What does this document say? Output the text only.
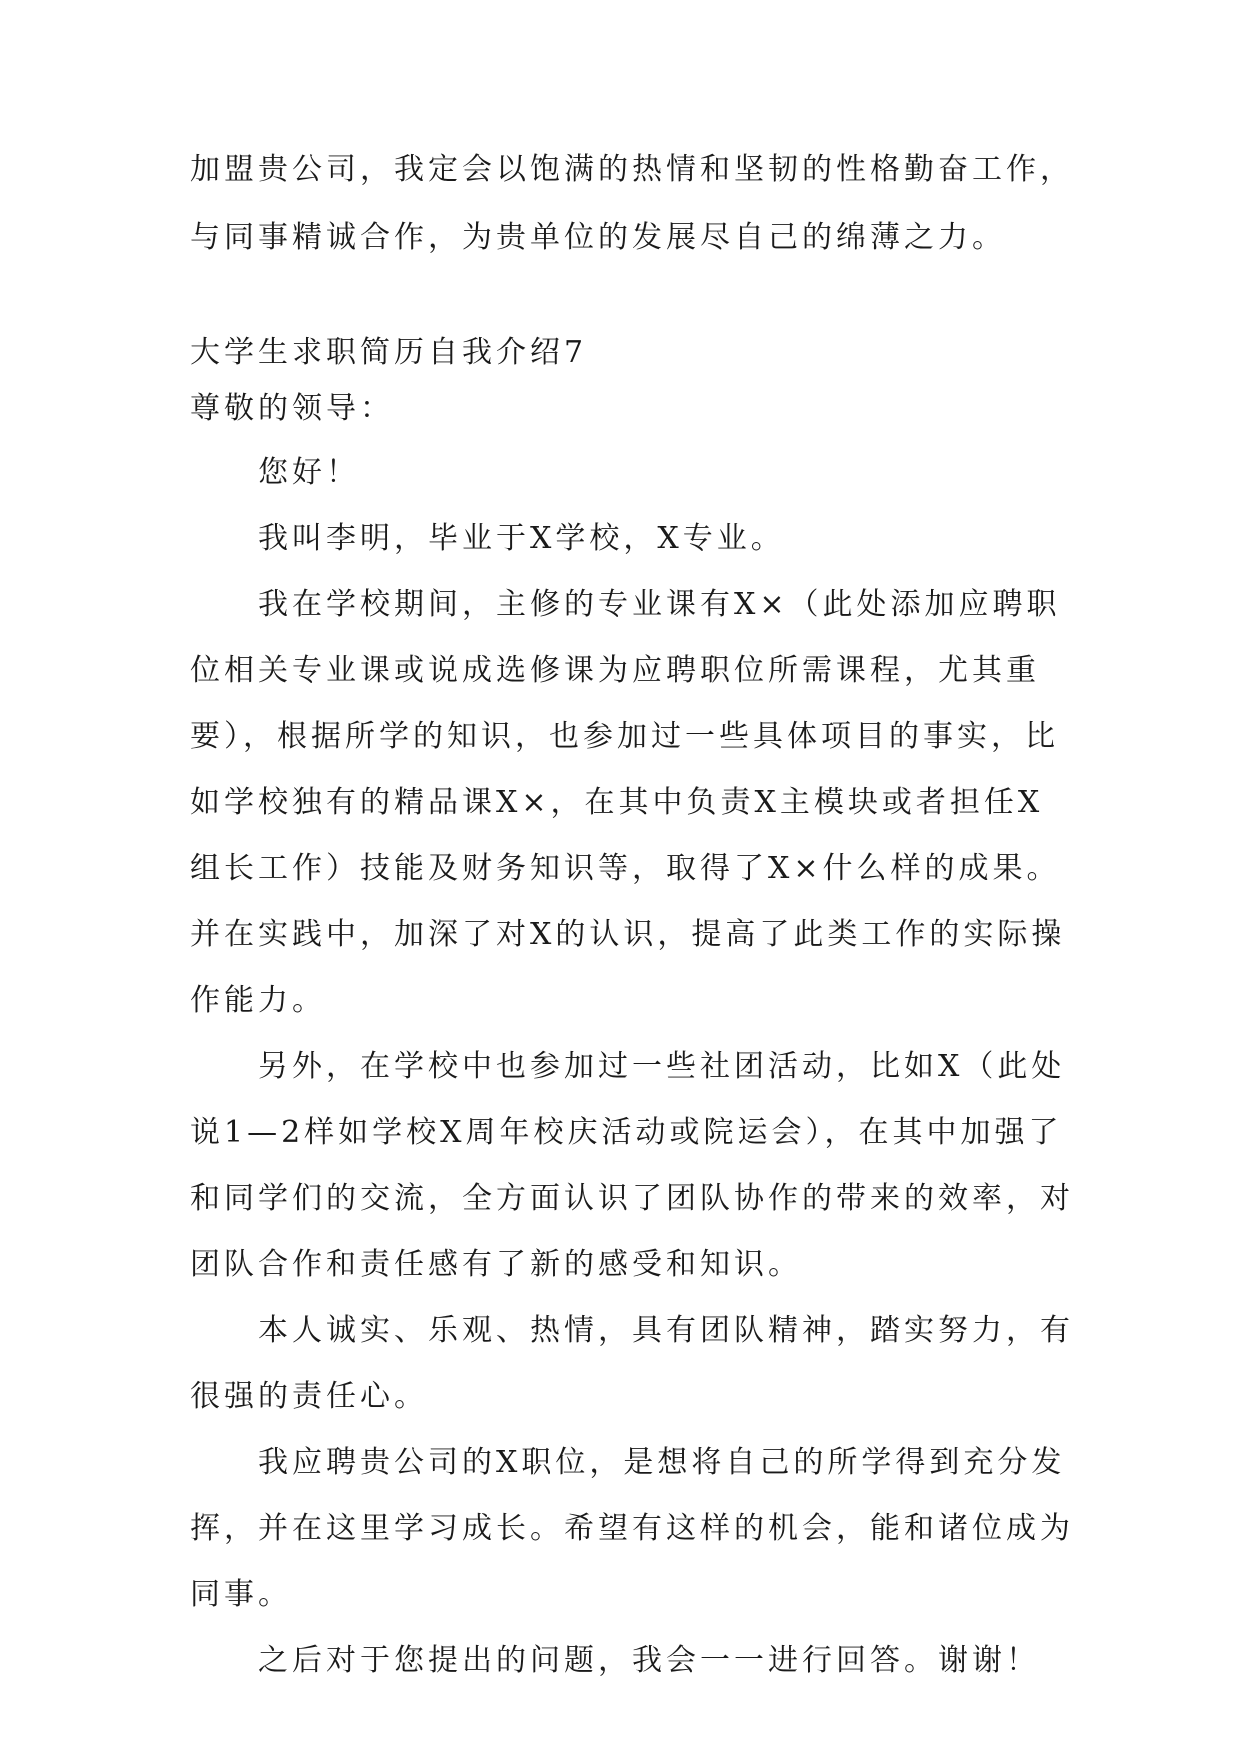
加盟贵公司，我定会以饱满的热情和坚韧的性格勤奋工作，
与同事精诚合作，为贵单位的发展尽自己的绵薄之力。
大学生求职简历自我介绍7
尊敬的领导：
您好！
我叫李明，毕业于X学校，X专业。
我在学校期间，主修的专业课有X×（此处添加应聘职
位相关专业课或说成选修课为应聘职位所需课程，尤其重
要），根据所学的知识，也参加过一些具体项目的事实，比
如学校独有的精品课X×，在其中负责X主模块或者担任X
组长工作）技能及财务知识等，取得了X×什么样的成果。
并在实践中，加深了对X的认识，提高了此类工作的实际操
作能力。
另外，在学校中也参加过一些社团活动，比如X（此处
说1—2样如学校X周年校庆活动或院运会），在其中加强了
和同学们的交流，全方面认识了团队协作的带来的效率，对
团队合作和责任感有了新的感受和知识。
本人诚实、乐观、热情，具有团队精神，踏实努力，有
很强的责任心。
我应聘贵公司的X职位，是想将自己的所学得到充分发
挥，并在这里学习成长。希望有这样的机会，能和诸位成为
同事。
之后对于您提出的问题，我会一一进行回答。谢谢！
